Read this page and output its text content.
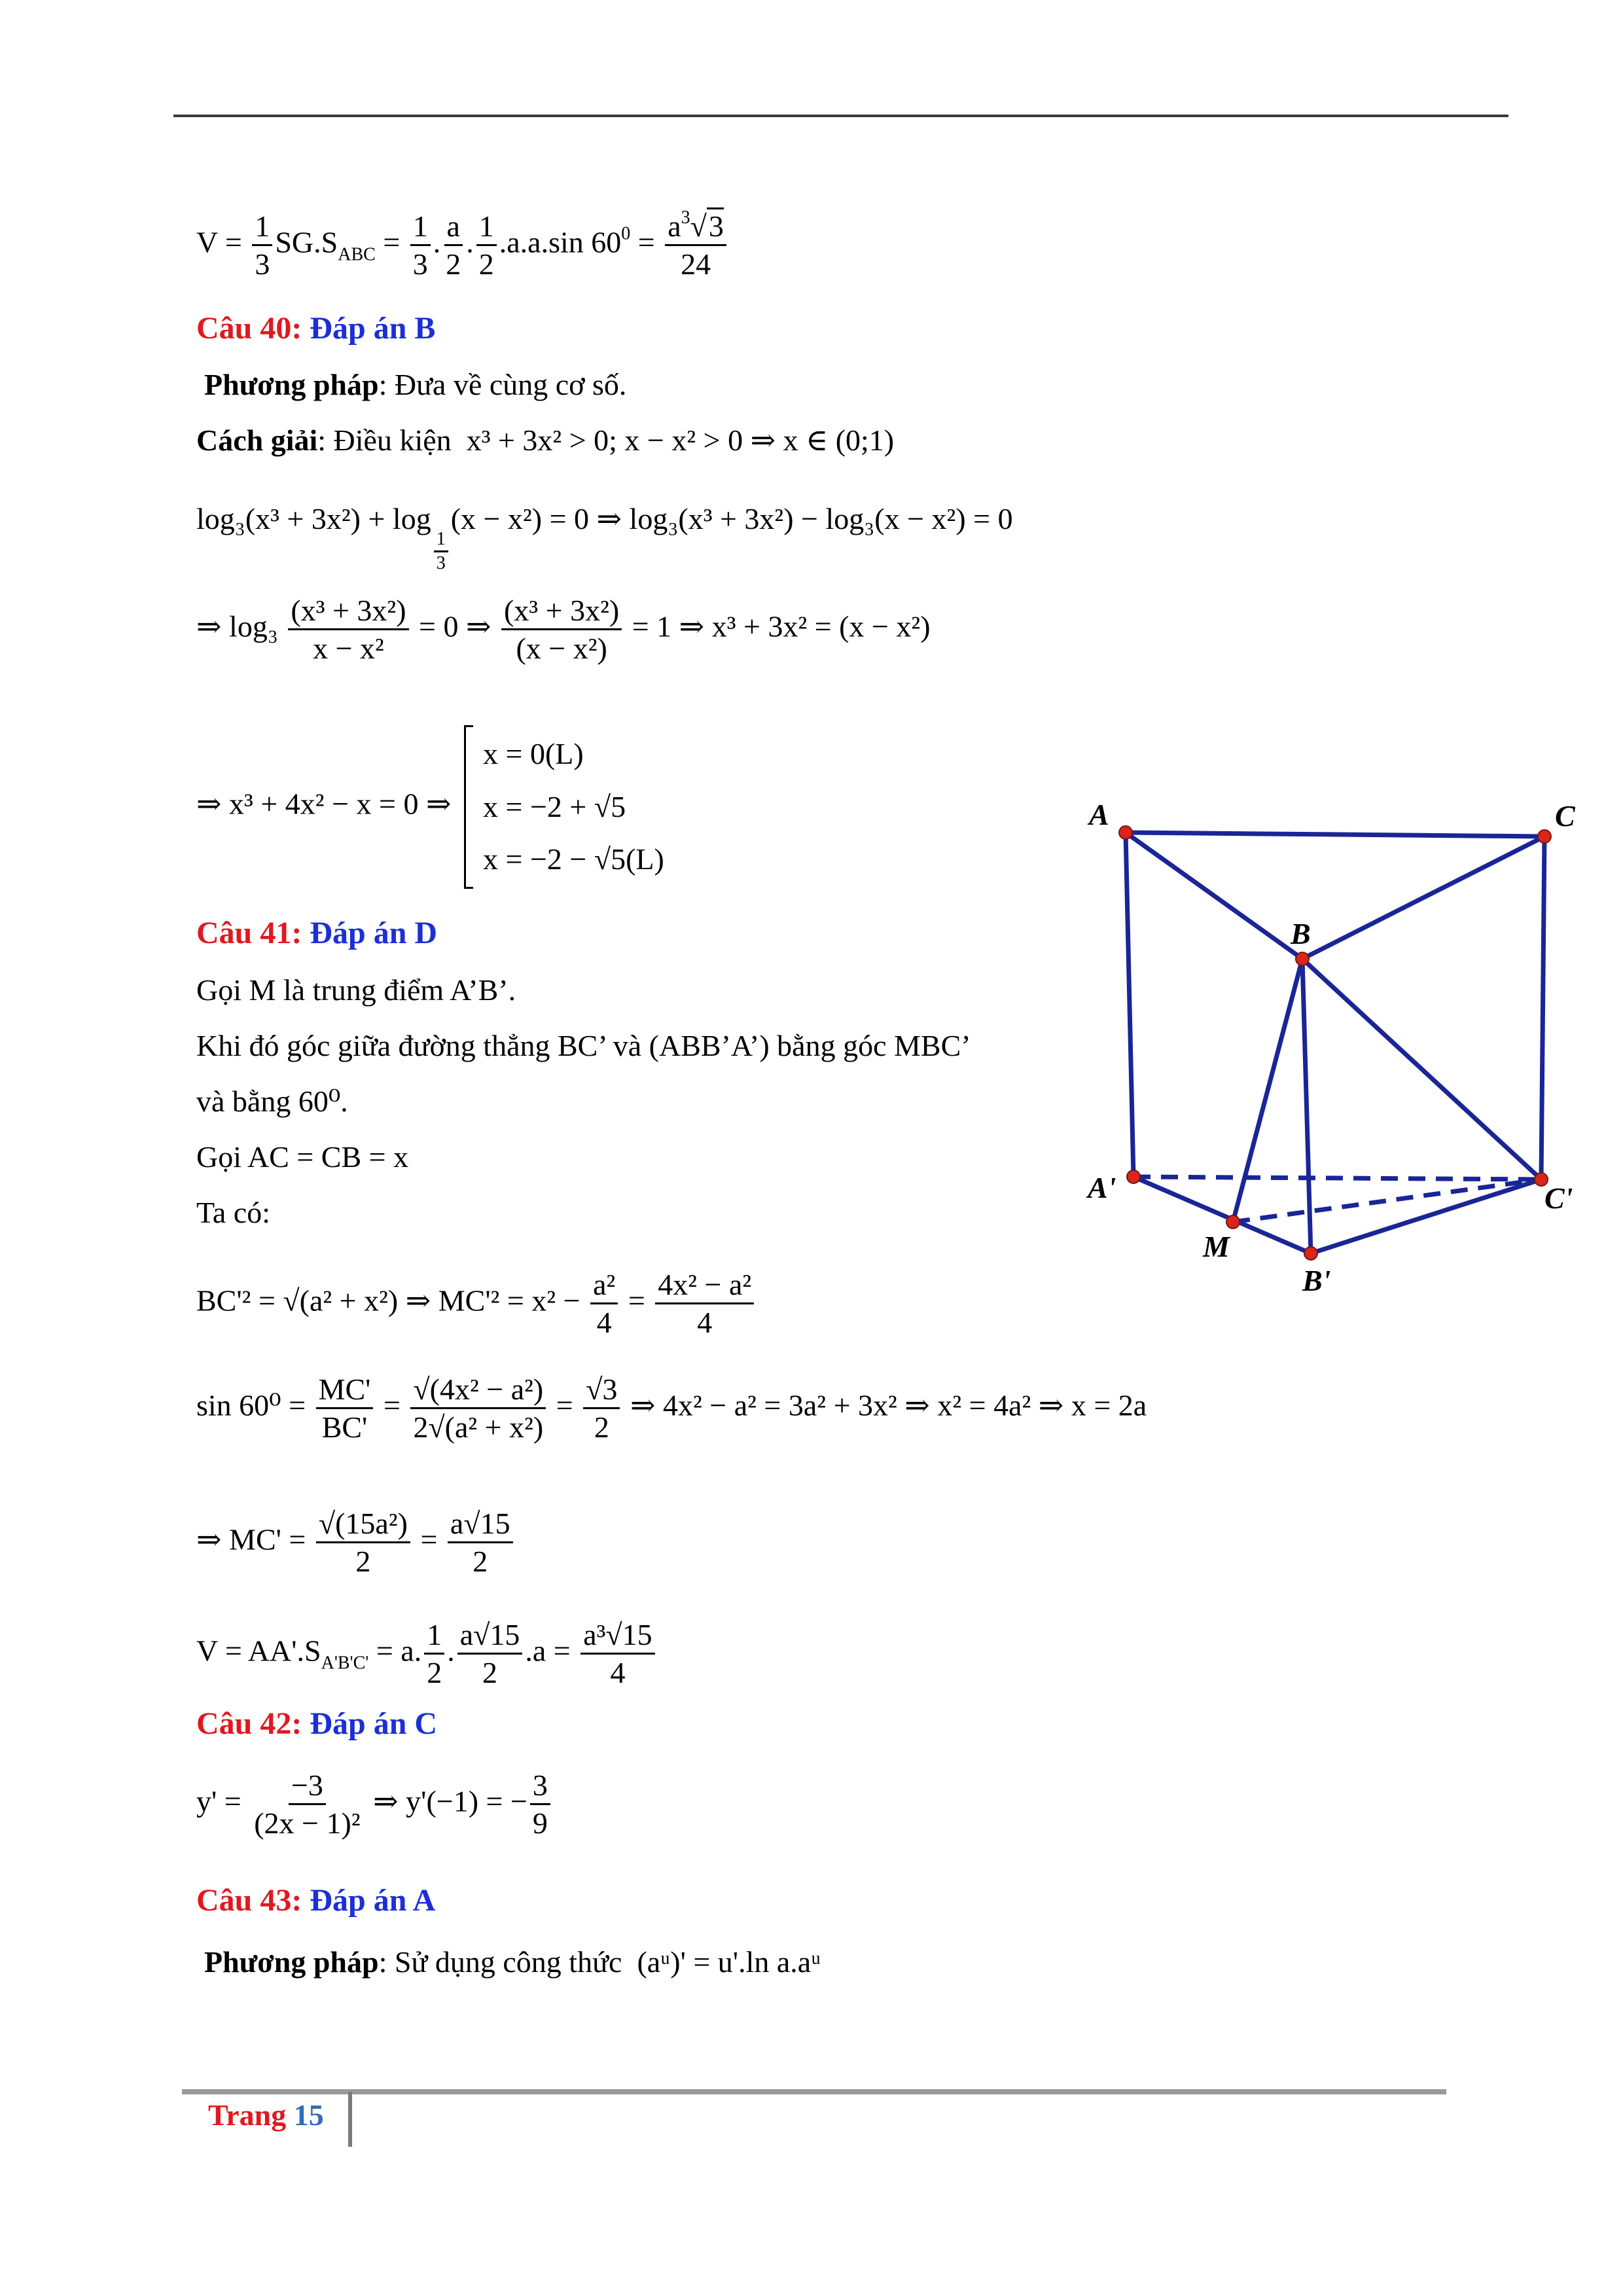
$V = \frac{1}{3} SG.S_{ABC} = \frac{1}{3}$ . $\frac{a}{2}$ . $\frac{1}{2} .a.a.\sin$ $60^0 = \frac{a^3√3}{24}$
Câu 40: Đáp án B
Phương pháp: Đưa về cùng cơ số.
Cách giải: Điều kiện x³ + 3x² > 0; x − x² > 0 ⇒ x ∈ (0;1)
log₃(x³ + 3x²) + log
$\frac{1}{3}$
(x − x²) = 0 ⇒ log₃(x³ + 3x²) − log₃(x − x²) = 0
⇒ $\log_3 \frac{\text{(x³ + 3x²)}}{\text{x − x²}} = 0$ ⇒ $\frac{\text{(x³ + 3x²)}}{\text{(x − x²)}} = 1$ ⇒ x³ + 3x² = (x − x²)
⇒ x³ + 4x² − x = 0 ⇒
x = 0(L)
x = −2 + √5
x = −2 − √5(L)
Câu 41: Đáp án D
Gọi M là trung điểm A’B’.
Khi đó góc giữa đường thẳng BC’ và (ABB’A’) bằng góc MBC’
và bằng 60⁰.
Gọi AC = CB = x
Ta có:
BC'² = √(a² + x²) ⇒ $MC'^2 = x^2 - \frac{\text{a²}}{4} = \frac{\text{4x² − a²}}{4}$
$\sin 60^0 = \frac{MC'}{BC'} = \frac{\text{√(4x² − a²)}}{\text{2√(a² + x²)}} = \frac{√3}{2}$ ⇒ 4x² − a² = 3a² + 3x² ⇒ x² = 4a² ⇒ x = 2a
⇒ $MC' = \frac{\text{√(15a²)}}{2} = \frac{a√15}{2}$
$V = AA'.S_{A'B'C'} = a$. $\frac{1}{2}$ . $\frac{a√15}{2} .a = \frac{\text{a³√15}}{4}$
Câu 42: Đáp án C
$y' = \frac{-3}{\text{(2x − 1)²}}$ ⇒ y'(−1) = − $\frac{3}{9}$
Câu 43: Đáp án A
Phương pháp: Sử dụng công thức (aᵘ)' = u'.ln a.aᵘ
A	C
B
A'	C'
M
B'
Trang 15
